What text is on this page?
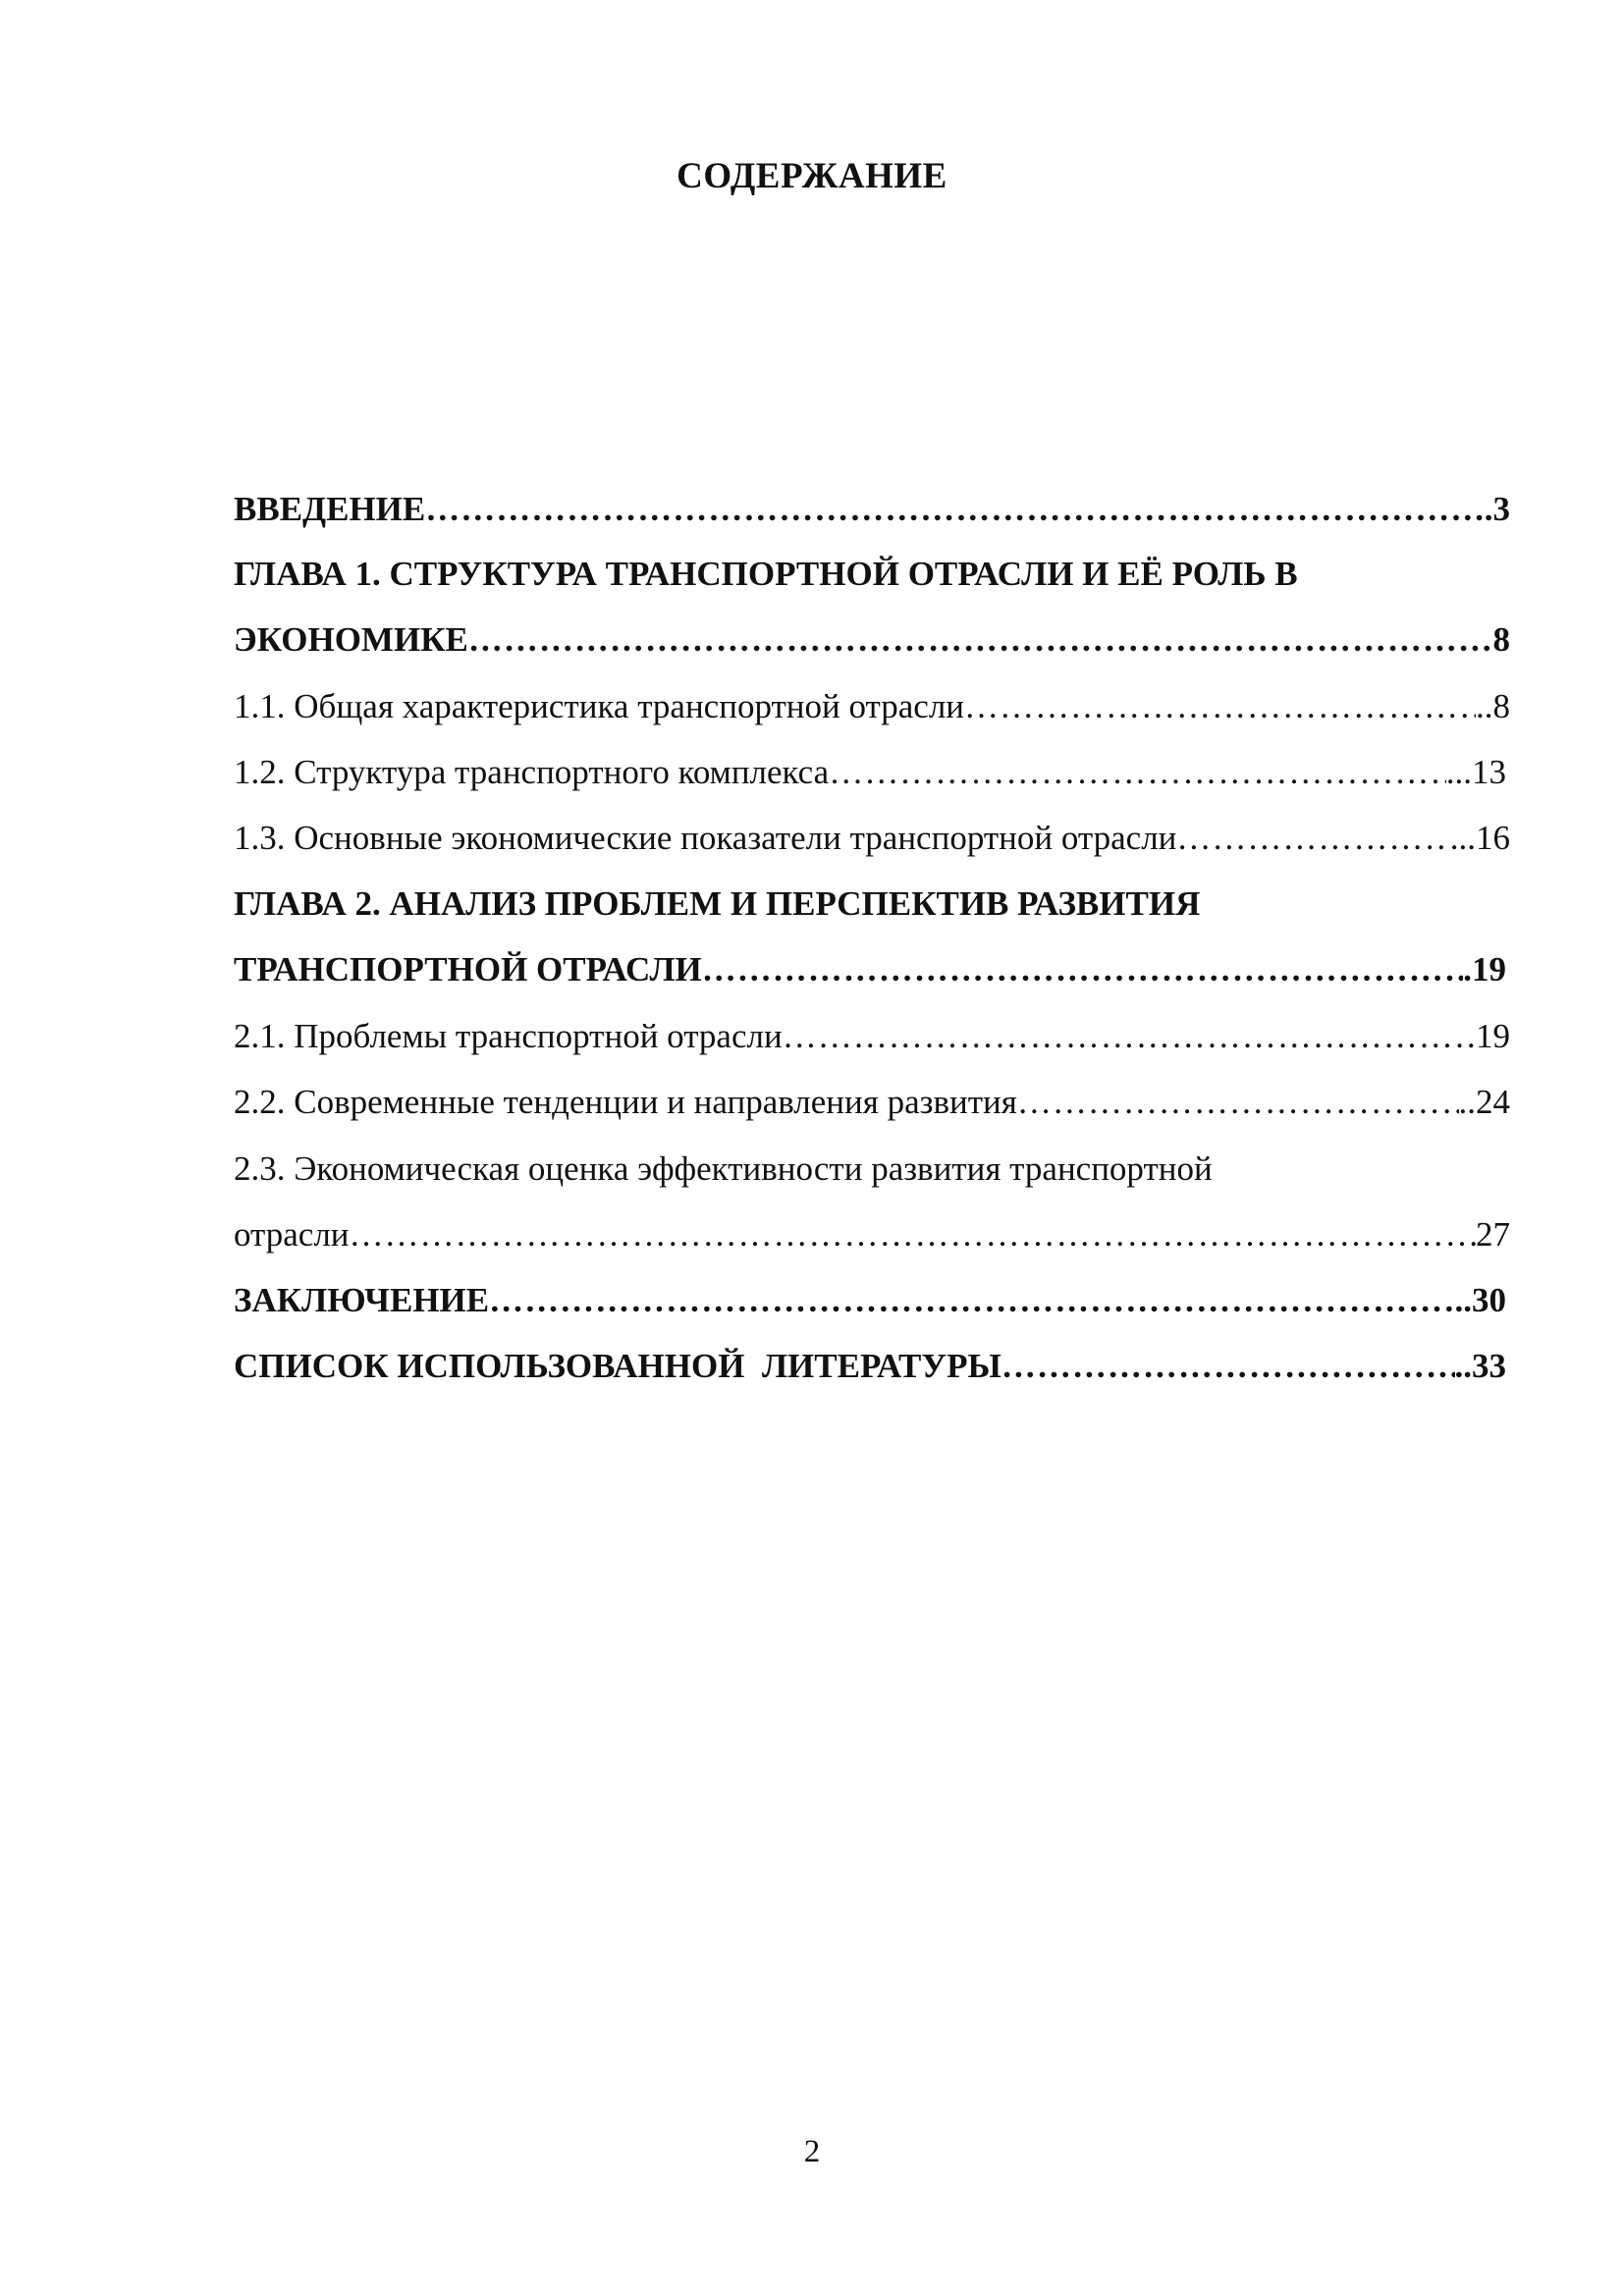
СОДЕРЖАНИЕ
ВВЕДЕНИЕ …………………………………………………………………………………………………………………………………………………………………………………………………………………………	.3
ГЛАВА 1. СТРУКТУРА ТРАНСПОРТНОЙ ОТРАСЛИ И ЕЁ РОЛЬ В
ЭКОНОМИКЕ …………………………………………………………………………………………………………………………………………………………………………………………………………………………	8
1.1. Общая характеристика транспортной отрасли …………………………………………………………………………………………………………………………………………………………………………………………………………………………	..8
1.2. Структура транспортного комплекса …………………………………………………………………………………………………………………………………………………………………………………………………………………………	...13
1.3. Основные экономические показатели транспортной отрасли …………………………………………………………………………………………………………………………………………………………………………………………………………………………	...16
ГЛАВА 2. АНАЛИЗ ПРОБЛЕМ И ПЕРСПЕКТИВ РАЗВИТИЯ
ТРАНСПОРТНОЙ ОТРАСЛИ …………………………………………………………………………………………………………………………………………………………………………………………………………………………	.19
2.1. Проблемы транспортной отрасли …………………………………………………………………………………………………………………………………………………………………………………………………………………………	19
2.2. Современные тенденции и направления развития …………………………………………………………………………………………………………………………………………………………………………………………………………………………	..24
2.3. Экономическая оценка эффективности развития транспортной
отрасли …………………………………………………………………………………………………………………………………………………………………………………………………………………………	27
ЗАКЛЮЧЕНИЕ …………………………………………………………………………………………………………………………………………………………………………………………………………………………	..30
СПИСОК ИСПОЛЬЗОВАННОЙ  ЛИТЕРАТУРЫ …………………………………………………………………………………………………………………………………………………………………………………………………………………………	..33
2
